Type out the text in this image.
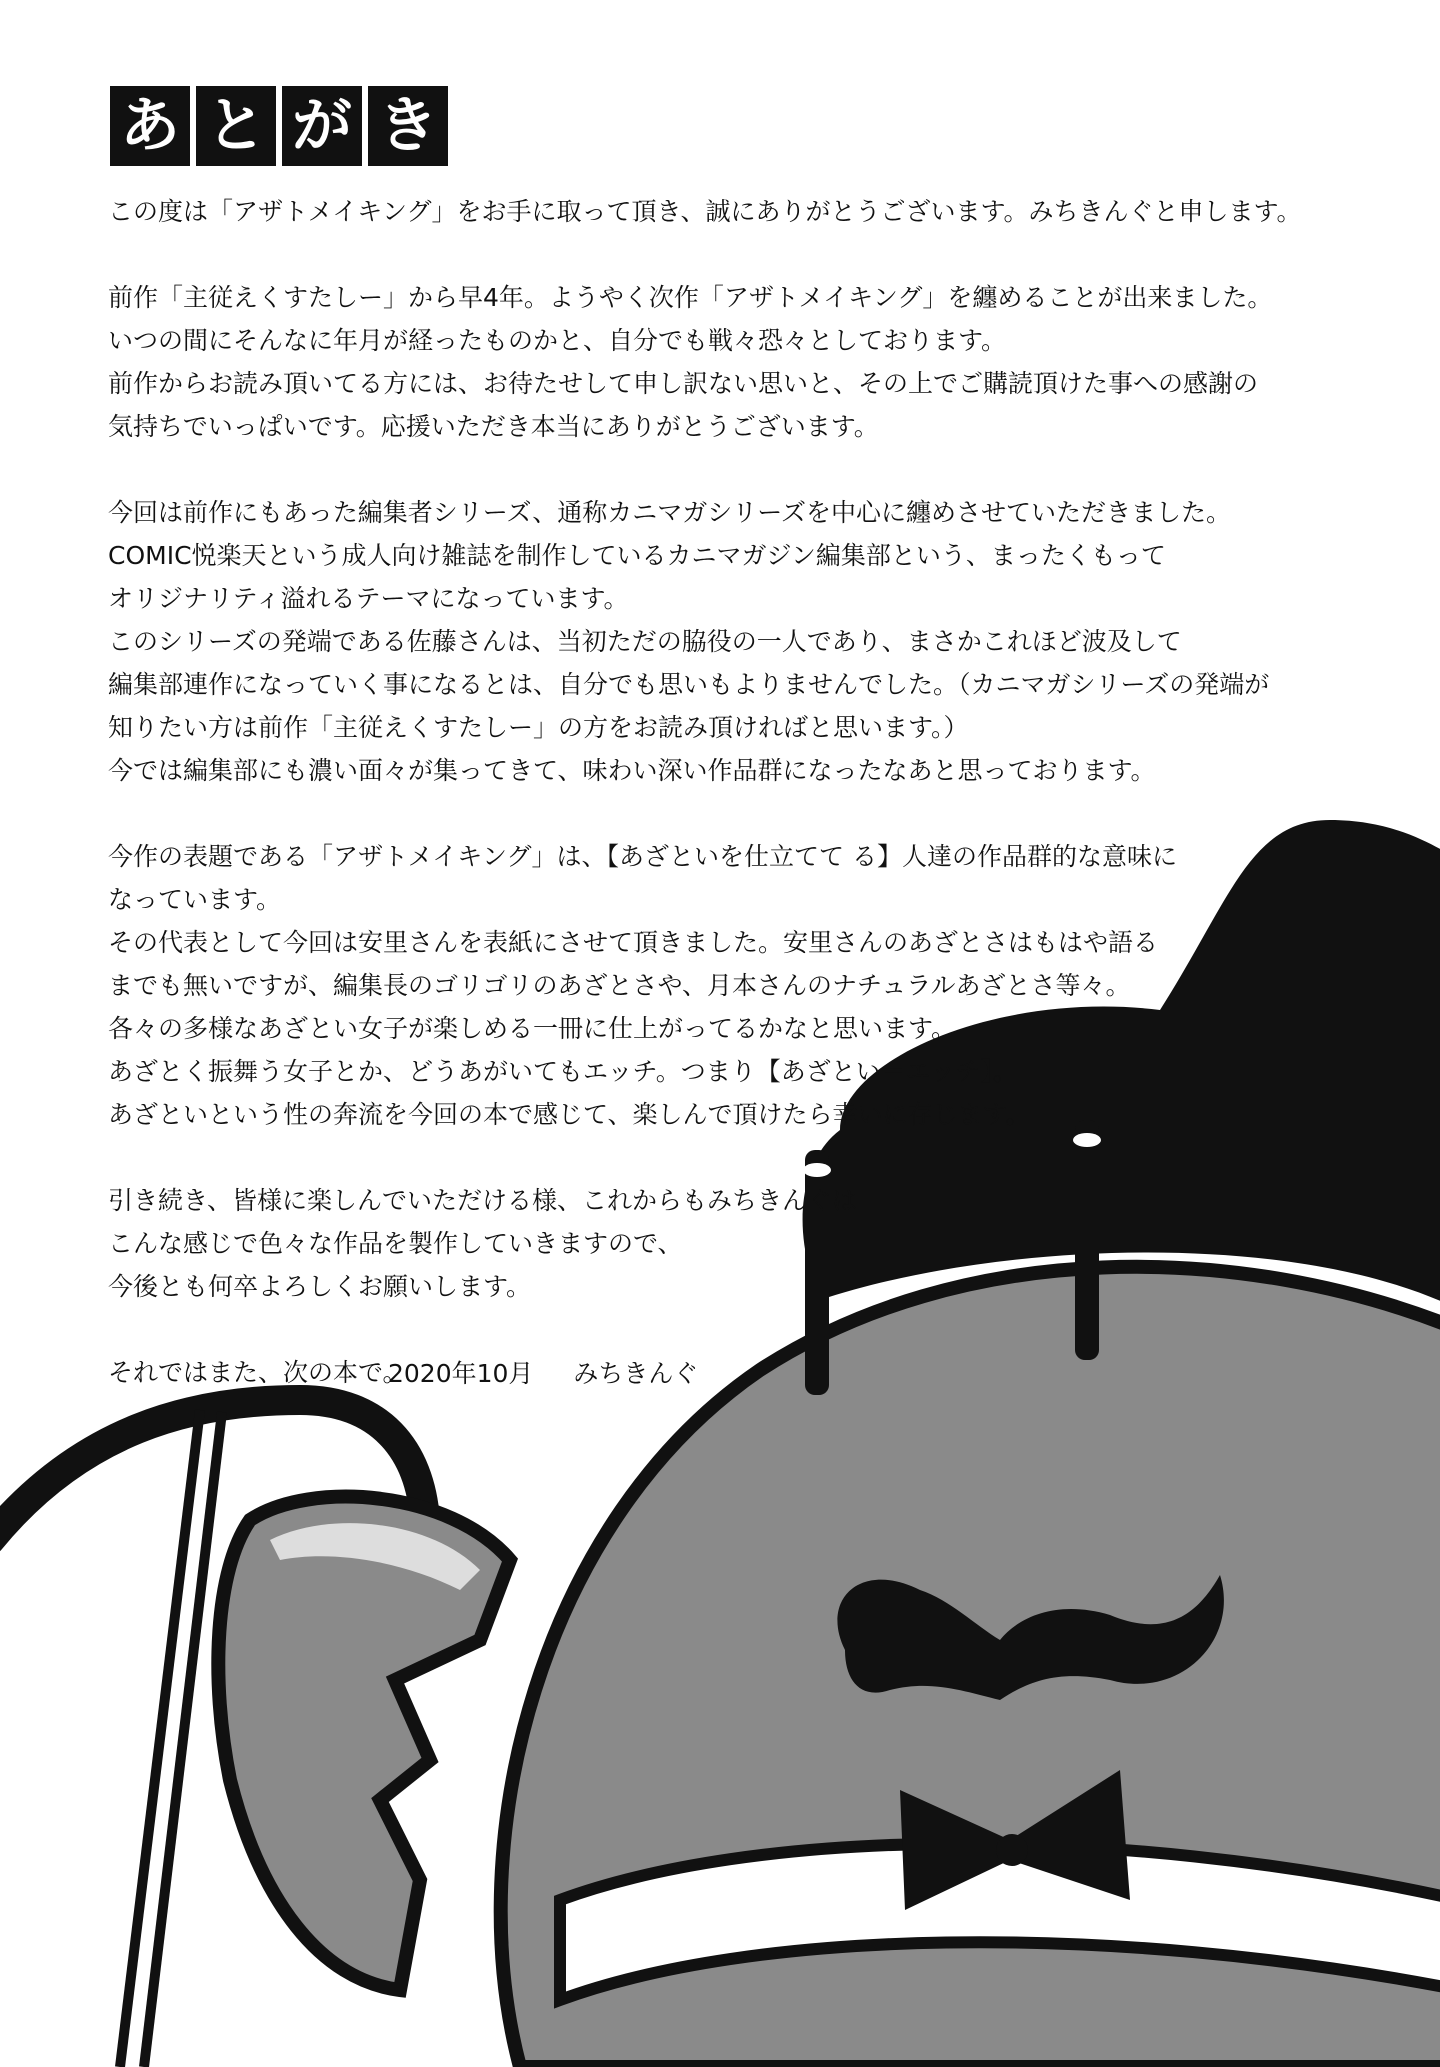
あ と が き

この度は「アザトメイキング」をお手に取って頂き、誠にありがとうございます。みちきんぐと申します。

前作「主従えくすたしー」から早4年。ようやく次作「アザトメイキング」を纏めることが出来ました。
いつの間にそんなに年月が経ったものかと、自分でも戦々恐々としております。
前作からお読み頂いてる方には、お待たせして申し訳ない思いと、その上でご購読頂けた事への感謝の
気持ちでいっぱいです。応援いただき本当にありがとうございます。

今回は前作にもあった編集者シリーズ、通称カニマガシリーズを中心に纏めさせていただきました。
COMIC悦楽天という成人向け雑誌を制作しているカニマガジン編集部という、まったくもって
オリジナリティ溢れるテーマになっています。
このシリーズの発端である佐藤さんは、当初ただの脇役の一人であり、まさかこれほど波及して
編集部連作になっていく事になるとは、自分でも思いもよりませんでした。（カニマガシリーズの発端が
知りたい方は前作「主従えくすたしー」の方をお読み頂ければと思います。）
今では編集部にも濃い面々が集ってきて、味わい深い作品群になったなあと思っております。

今作の表題である「アザトメイキング」は、【あざといを仕立てて る】人達の作品群的な意味に
なっています。
その代表として今回は安里さんを表紙にさせて頂きました。安里さんのあざとさはもはや語る
までも無いですが、編集長のゴリゴリのあざとさや、月本さんのナチュラルあざとさ等々。
各々の多様なあざとい女子が楽しめる一冊に仕上がってるかなと思います。
あざとく振舞う女子とか、どうあがいてもエッチ。つまり【あざとい＝エッチ】。
あざといという性の奔流を今回の本で感じて、楽しんで頂けたら幸いに存じます。

引き続き、皆様に楽しんでいただける様、これからもみちきんぐは
こんな感じで色々な作品を製作していきますので、
今後とも何卒よろしくお願いします。

それではまた、次の本で。

2020年10月 みちきんぐ
